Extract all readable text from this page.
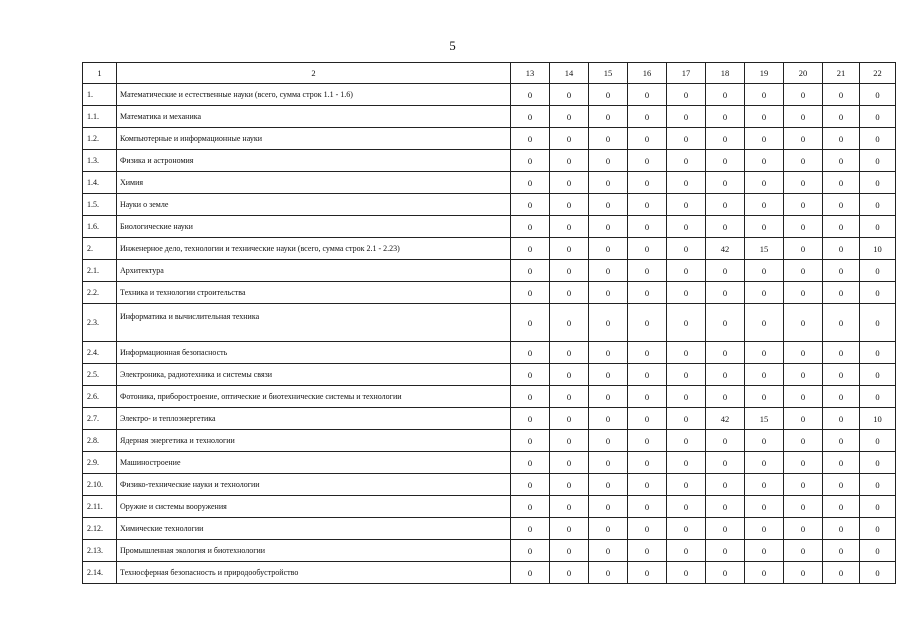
5
1	2	13	14	15	16	17	18	19	20	21	22
1.	Математические и естественные науки (всего, сумма строк 1.1 - 1.6)	0	0	0	0	0	0	0	0	0	0
1.1.	Математика и механика	0	0	0	0	0	0	0	0	0	0
1.2.	Компьютерные и информационные науки	0	0	0	0	0	0	0	0	0	0
1.3.	Физика и астрономия	0	0	0	0	0	0	0	0	0	0
1.4.	Химия	0	0	0	0	0	0	0	0	0	0
1.5.	Науки о земле	0	0	0	0	0	0	0	0	0	0
1.6.	Биологические науки	0	0	0	0	0	0	0	0	0	0
2.	Инженерное дело, технологии и технические науки (всего, сумма строк 2.1 - 2.23)	0	0	0	0	0	42	15	0	0	10
2.1.	Архитектура	0	0	0	0	0	0	0	0	0	0
2.2.	Техника и технологии строительства	0	0	0	0	0	0	0	0	0	0
2.3.	Информатика и вычислительная техника	0	0	0	0	0	0	0	0	0	0
2.4.	Информационная безопасность	0	0	0	0	0	0	0	0	0	0
2.5.	Электроника, радиотехника и системы связи	0	0	0	0	0	0	0	0	0	0
2.6.	Фотоника, приборостроение, оптические и биотехнические системы и технологии	0	0	0	0	0	0	0	0	0	0
2.7.	Электро- и теплоэнергетика	0	0	0	0	0	42	15	0	0	10
2.8.	Ядерная энергетика и технологии	0	0	0	0	0	0	0	0	0	0
2.9.	Машиностроение	0	0	0	0	0	0	0	0	0	0
2.10.	Физико-технические науки и технологии	0	0	0	0	0	0	0	0	0	0
2.11.	Оружие и системы вооружения	0	0	0	0	0	0	0	0	0	0
2.12.	Химические технологии	0	0	0	0	0	0	0	0	0	0
2.13.	Промышленная экология и биотехнологии	0	0	0	0	0	0	0	0	0	0
2.14.	Техносферная безопасность и природообустройство	0	0	0	0	0	0	0	0	0	0
